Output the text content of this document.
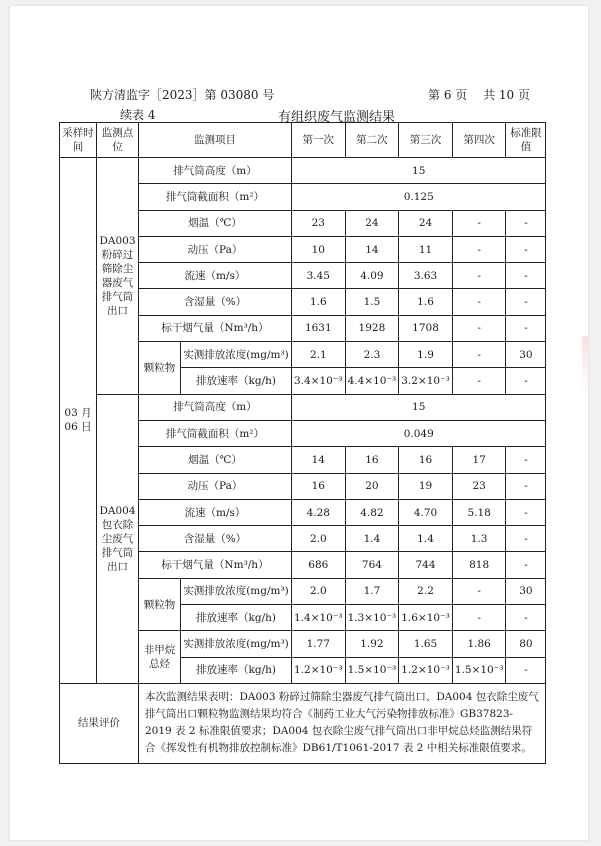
陕方清监字［2023］第 03080 号	第 6 页　 共 10 页
续表 4	有组织废气监测结果
采样时间	监测点位	监测项目		第一次	第二次	第三次	第四次	标准限值
03 月 06 日	DA003 粉碎过筛除尘器废气排气筒出口	排气筒高度（m）		15				
		排气筒截面积（m²）		0.125				
		烟温（℃）		23	24	24	-	-
		动压（Pa）		10	14	11	-	-
		流速（m/s）		3.45	4.09	3.63	-	-
		含湿量（%）		1.6	1.5	1.6	-	-
		标干烟气量（Nm³/h）		1631	1928	1708	-	-
		颗粒物	实测排放浓度(mg/m³)	2.1	2.3	1.9	-	30
			排放速率（kg/h)	3.4×10⁻³	4.4×10⁻³	3.2×10⁻³	-	-
	DA004 包衣除尘废气排气筒出口	排气筒高度（m）		15				
		排气筒截面积（m²）		0.049				
		烟温（℃）		14	16	16	17	-
		动压（Pa）		16	20	19	23	-
		流速（m/s）		4.28	4.82	4.70	5.18	-
		含湿量（%）		2.0	1.4	1.4	1.3	-
		标干烟气量（Nm³/h）		686	764	744	818	-
		颗粒物	实测排放浓度(mg/m³)	2.0	1.7	2.2	-	30
			排放速率（kg/h)	1.4×10⁻³	1.3×10⁻³	1.6×10⁻³	-	-
		非甲烷总烃	实测排放浓度(mg/m³)	1.77	1.92	1.65	1.86	80
			排放速率（kg/h)	1.2×10⁻³	1.5×10⁻³	1.2×10⁻³	1.5×10⁻³	-
结果评价		本次监测结果表明：DA003 粉碎过筛除尘器废气排气筒出口、DA004 包衣除尘废气排气筒出口颗粒物监测结果均符合《制药工业大气污染物排放标准》GB37823-2019 表 2 标准限值要求；DA004 包衣除尘废气排气筒出口非甲烷总烃监测结果符合《挥发性有机物排放控制标准》DB61/T1061-2017 表 2 中相关标准限值要求。						
